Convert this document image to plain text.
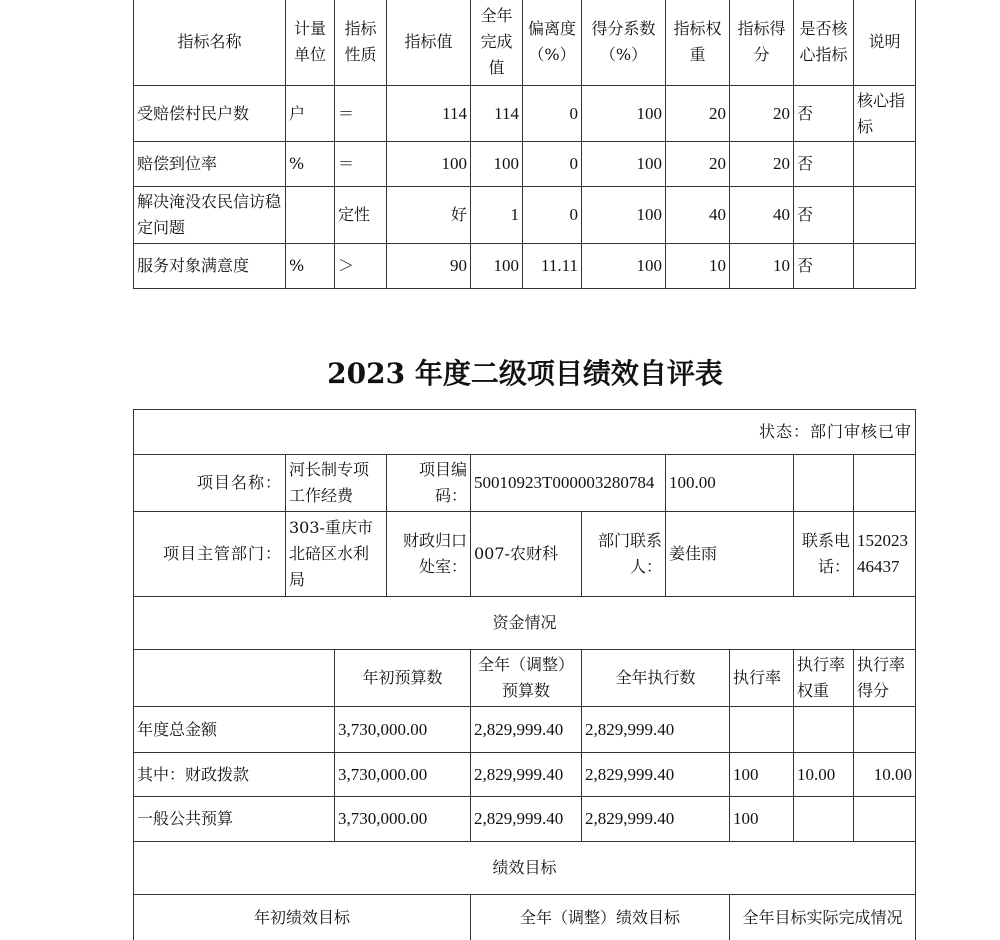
指标名称	计量单位	指标性质	指标值	全年完成值	偏离度（%）	得分系数（%）	指标权重	指标得分	是否核心指标	说明
受赔偿村民户数	户	＝	114	114	0	100	20	20	否	核心指标
赔偿到位率	%	＝	100	100	0	100	20	20	否	
解决淹没农民信访稳定问题		定性	好	1	0	100	40	40	否	
服务对象满意度	%	＞	90	100	11.11	100	10	10	否	
2023 年度二级项目绩效自评表
状态：部门审核已审									
项目名称：	河长制专项工作经费		项目编码：	50010923T000003280784		100.00			
项目主管部门：	303-重庆市北碚区水利局		财政归口处室：	007-农财科	部门联系人：	姜佳雨		联系电话：	15202346437
资金情况									
		年初预算数		全年（调整）预算数	全年执行数		执行率	执行率权重	执行率得分
年度总金额		3,730,000.00		2,829,999.40	2,829,999.40				
其中：财政拨款		3,730,000.00		2,829,999.40	2,829,999.40		100	10.00	10.00
一般公共预算		3,730,000.00		2,829,999.40	2,829,999.40		100		
绩效目标									
年初绩效目标				全年（调整）绩效目标			全年目标实际完成情况		
